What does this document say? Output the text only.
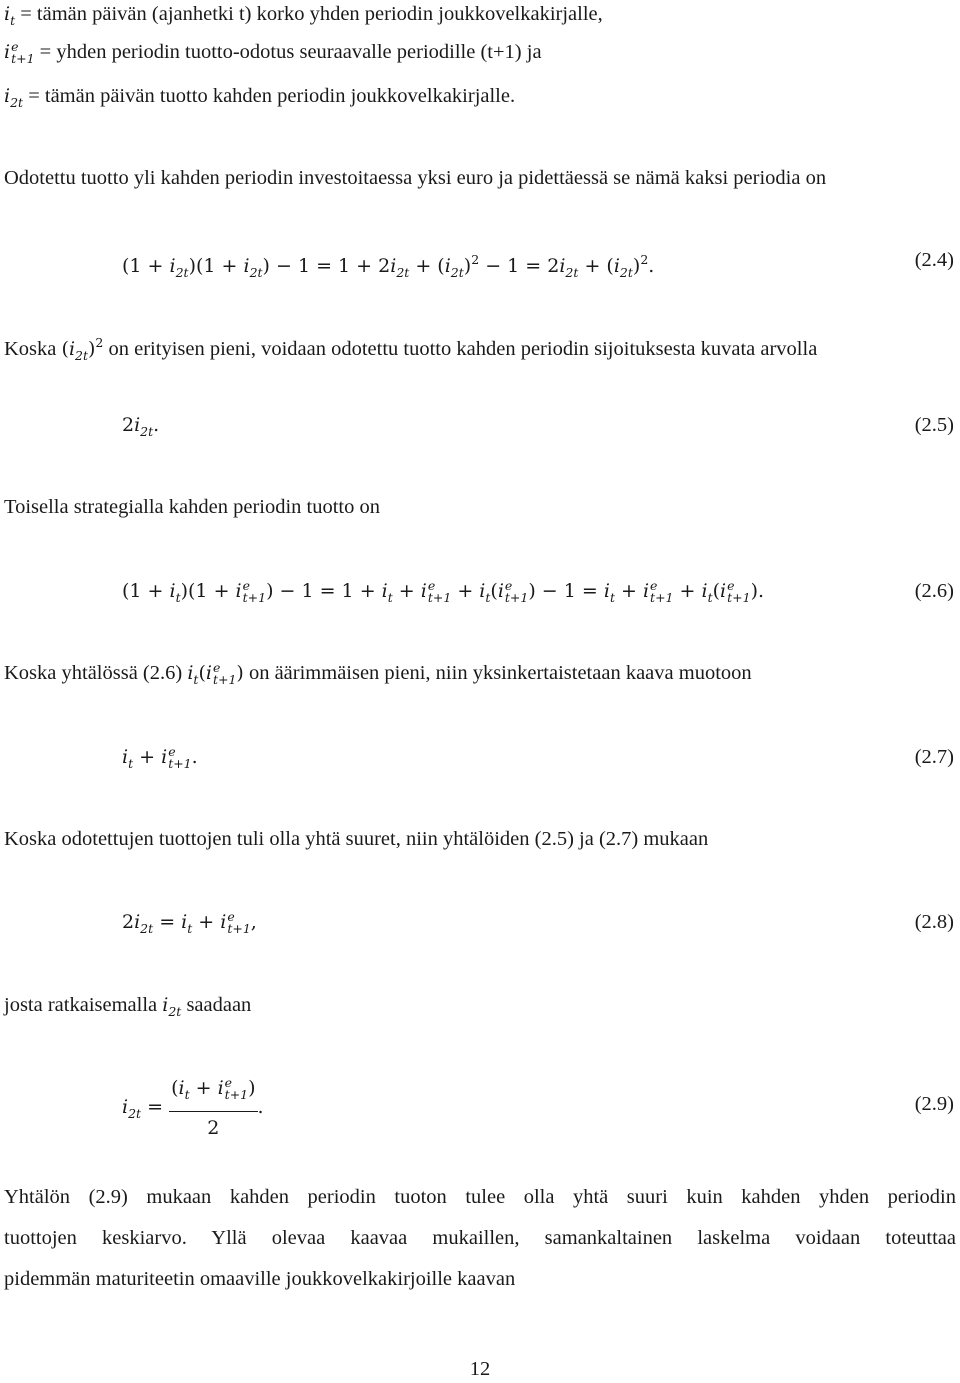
$i_t$ = tämän päivän (ajanhetki t) korko yhden periodin joukkovelkakirjalle,
i e
t+1 = yhden periodin tuotto-odotus seuraavalle periodille (t+1) ja
$i_{2t}$ = tämän päivän tuotto kahden periodin joukkovelkakirjalle.
Odotettu tuotto yli kahden periodin investoitaessa yksi euro ja pidettäessä se nämä kaksi periodia on
$(1 + i_{2t})(1 + i_{2t}) - 1 = 1 + 2i_{2t} + (i_{2t})^2 - 1 = 2i_{2t} + (i_{2t})^2$.	(2.4)
Koska $(i_{2t})^2$ on erityisen pieni, voidaan odotettu tuotto kahden periodin sijoituksesta kuvata arvolla
$2i_{2t}$.	(2.5)
Toisella strategialla kahden periodin tuotto on
$(1 + i_t)(1 + i$ e
t+1 ) − $1 = 1 + i_t + i$ e
$t+1 + i_t(i$ e
t+1 ) − $1 = i_t + i$ e
$t+1 + i_t(i$ e
t+1 ).	(2.6)
Koska yhtälössä (2.6) $i_t(i$ e
t+1 ) on äärimmäisen pieni, niin yksinkertaistetaan kaava muotoon
$i_t + i$ e
t+1 .	(2.7)
Koska odotettujen tuottojen tuli olla yhtä suuret, niin yhtälöiden (2.5) ja (2.7) mukaan
$2i_{2t} = i_t + i$ e
t+1 ,	(2.8)
josta ratkaisemalla $i_{2t}$ saadaan
$i_{2t} = (i_t + i$ e
t+1 )
2 .	(2.9)
Yhtälön (2.9) mukaan kahden periodin tuoton tulee olla yhtä suuri kuin kahden yhden periodin
tuottojen keskiarvo. Yllä olevaa kaavaa mukaillen, samankaltainen laskelma voidaan toteuttaa
pidemmän maturiteetin omaaville joukkovelkakirjoille kaavan
12
